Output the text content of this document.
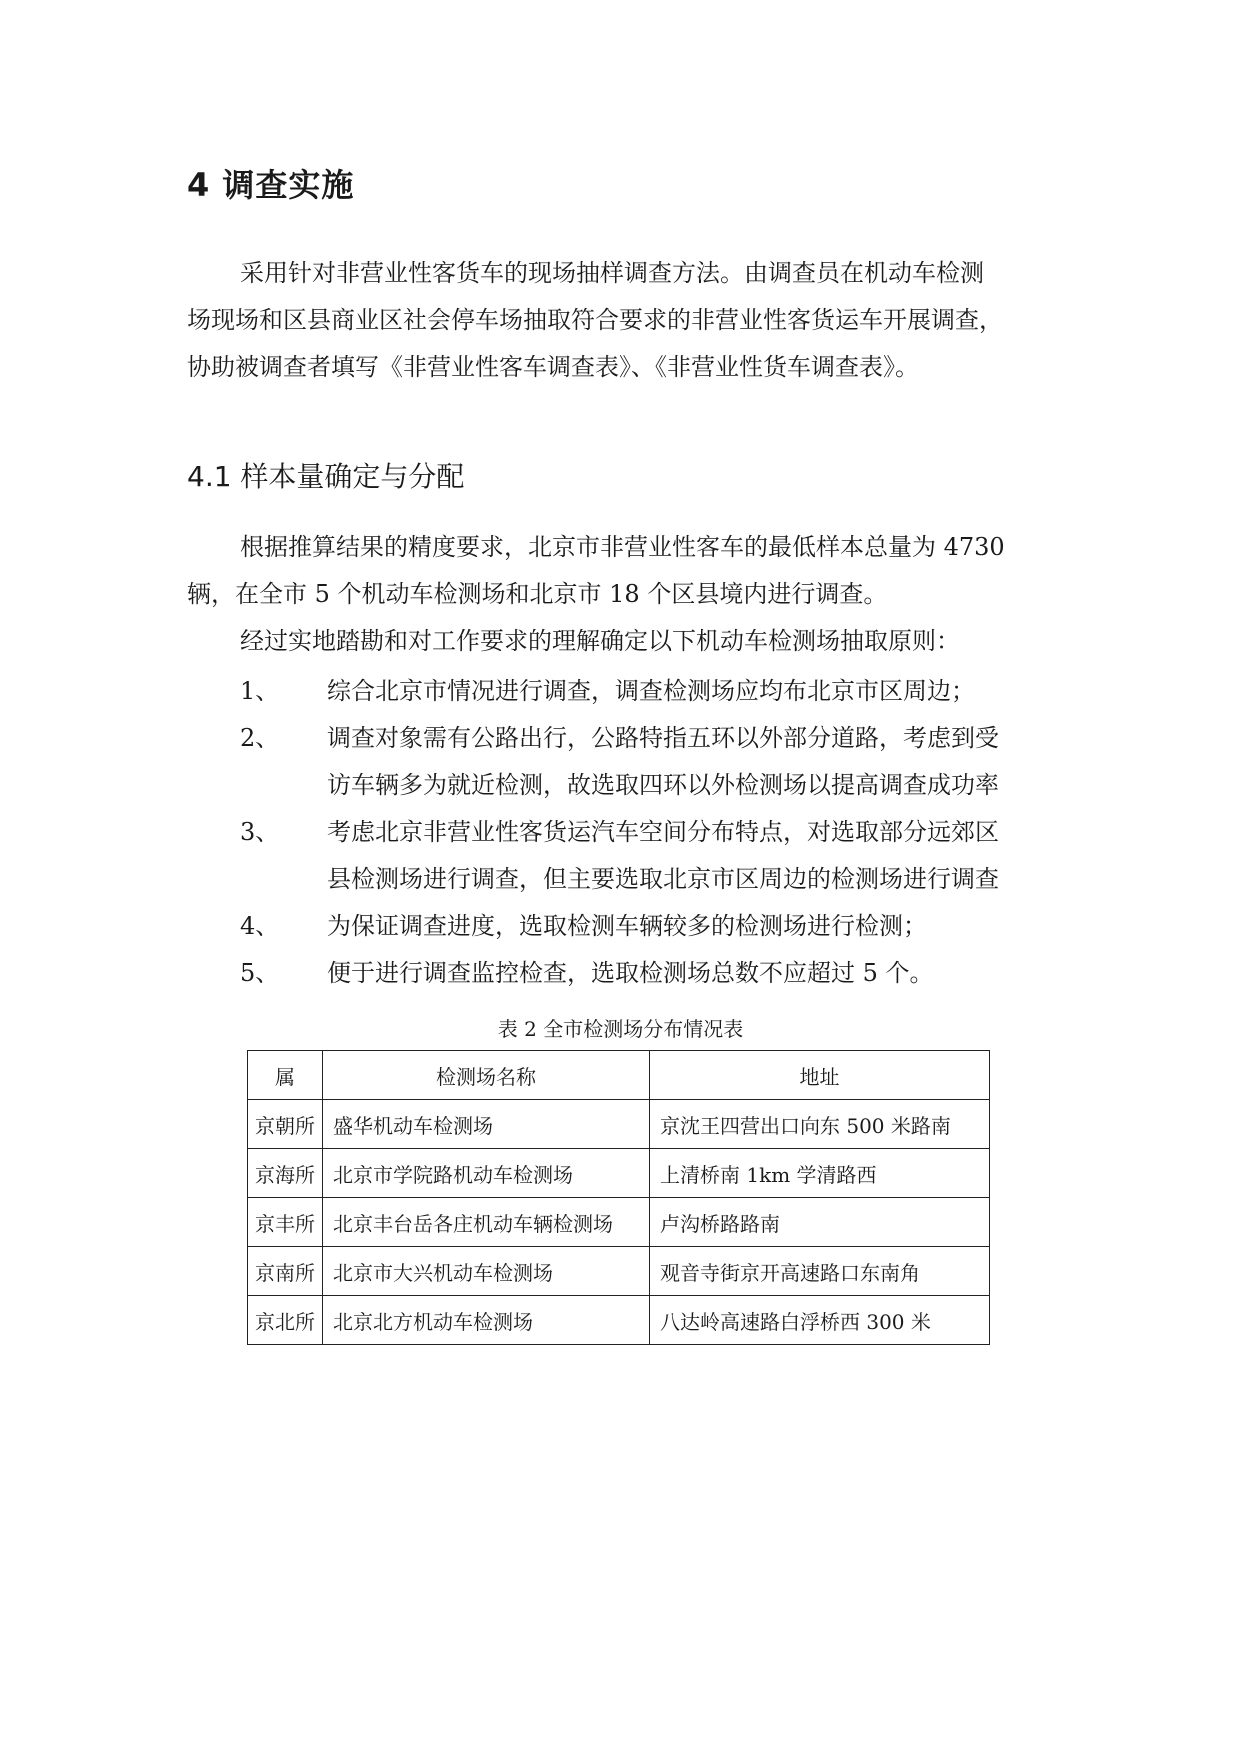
4 调查实施

采用针对非营业性客货车的现场抽样调查方法。由调查员在机动车检测
场现场和区县商业区社会停车场抽取符合要求的非营业性客货运车开展调查，
协助被调查者填写《非营业性客车调查表》、《非营业性货车调查表》。

4.1 样本量确定与分配

根据推算结果的精度要求，北京市非营业性客车的最低样本总量为 4730
辆，在全市 5 个机动车检测场和北京市 18 个区县境内进行调查。
经过实地踏勘和对工作要求的理解确定以下机动车检测场抽取原则：

1、 综合北京市情况进行调查，调查检测场应均布北京市区周边；
2、 调查对象需有公路出行，公路特指五环以外部分道路，考虑到受
访车辆多为就近检测，故选取四环以外检测场以提高调查成功率
3、 考虑北京非营业性客货运汽车空间分布特点，对选取部分远郊区
县检测场进行调查，但主要选取北京市区周边的检测场进行调查
4、 为保证调查进度，选取检测车辆较多的检测场进行检测；
5、 便于进行调查监控检查，选取检测场总数不应超过 5 个。
表 2 全市检测场分布情况表
属	检测场名称	地址
京朝所	盛华机动车检测场	京沈王四营出口向东 500 米路南
京海所	北京市学院路机动车检测场	上清桥南 1km 学清路西
京丰所	北京丰台岳各庄机动车辆检测场	卢沟桥路路南
京南所	北京市大兴机动车检测场	观音寺街京开高速路口东南角
京北所	北京北方机动车检测场	八达岭高速路白浮桥西 300 米
